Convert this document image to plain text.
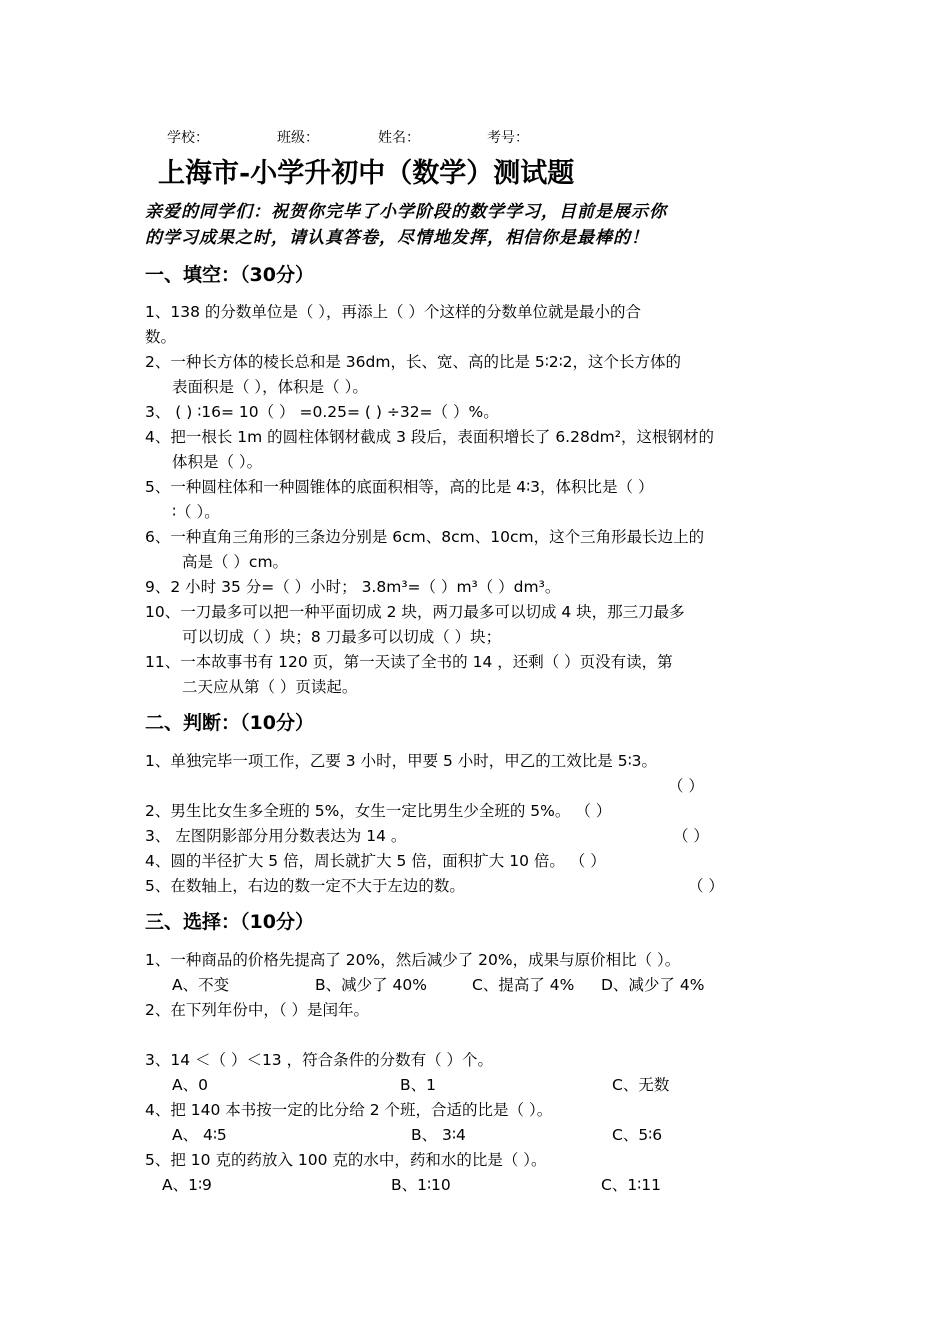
学校：	班级：	姓名：	考号：
上海市-小学升初中（数学）测试题
亲爱的同学们：祝贺你完毕了小学阶段的数学学习，目前是展示你
的学习成果之时，请认真答卷，尽情地发挥，相信你是最棒的！
一、填空：（30分）
1、138 的分数单位是（ ），再添上（ ）个这样的分数单位就是最小的合
数。
2、一种长方体的棱长总和是 36dm，长、宽、高的比是 5∶2∶2，这个长方体的
表面积是（ ），体积是（ ）。
3、 ( ) ∶16= 10（ ） =0.25= ( ) ÷32=（ ）%。
4、把一根长 1m 的圆柱体钢材截成 3 段后，表面积增长了 6.28dm²，这根钢材的
体积是（ ）。
5、一种圆柱体和一种圆锥体的底面积相等，高的比是 4∶3，体积比是（ ）
∶（ ）。
6、一种直角三角形的三条边分别是 6cm、8cm、10cm，这个三角形最长边上的
高是（ ）cm。
9、2 小时 35 分=（ ）小时； 3.8m³=（ ）m³（ ）dm³。
10、一刀最多可以把一种平面切成 2 块，两刀最多可以切成 4 块，那三刀最多
可以切成（ ）块；8 刀最多可以切成（ ）块；
11、一本故事书有 120 页，第一天读了全书的 14 ，还剩（ ）页没有读，第
二天应从第（ ）页读起。
二、判断：（10分）
1、单独完毕一项工作，乙要 3 小时，甲要 5 小时，甲乙的工效比是 5∶3。
（ ）
2、男生比女生多全班的 5%，女生一定比男生少全班的 5%。 （ ）
3、 左图阴影部分用分数表达为 14 。	（ ）
4、圆的半径扩大 5 倍，周长就扩大 5 倍，面积扩大 10 倍。 （ ）
5、在数轴上，右边的数一定不大于左边的数。	（ ）
三、选择：（10分）
1、一种商品的价格先提高了 20%，然后减少了 20%，成果与原价相比（ ）。
A、不变	B、减少了 40%	C、提高了 4% D、减少了 4%
2、在下列年份中，（ ）是闰年。
3、14 ＜（ ）＜13 ，符合条件的分数有（ ）个。
A、0	B、1	C、无数
4、把 140 本书按一定的比分给 2 个班，合适的比是（ ）。
A、 4∶5	B、 3∶4	C、5∶6
5、把 10 克的药放入 100 克的水中，药和水的比是（ ）。
A、1∶9	B、1∶10	C、1∶11
